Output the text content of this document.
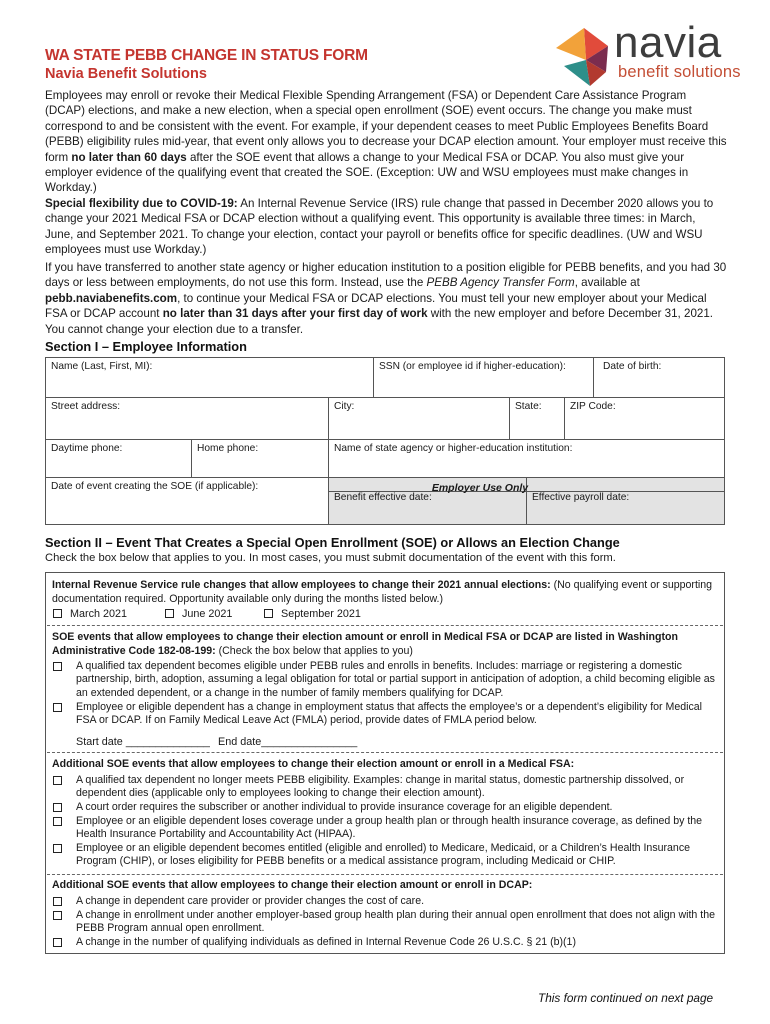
WA STATE PEBB CHANGE IN STATUS FORM
Navia Benefit Solutions
navia
benefit solutions

Employees may enroll or revoke their Medical Flexible Spending Arrangement (FSA) or Dependent Care Assistance Program (DCAP) elections, and make a new election, when a special open enrollment (SOE) event occurs. The change you make must correspond to and be consistent with the event. For example, if your dependent ceases to meet Public Employees Benefits Board (PEBB) eligibility rules mid-year, that event only allows you to decrease your DCAP election amount. Your employer must receive this form no later than 60 days after the SOE event that allows a change to your Medical FSA or DCAP. You also must give your employer evidence of the qualifying event that created the SOE. (Exception: UW and WSU employees must make changes in Workday.)

Special flexibility due to COVID-19: An Internal Revenue Service (IRS) rule change that passed in December 2020 allows you to change your 2021 Medical FSA or DCAP election without a qualifying event. This opportunity is available three times: in March, June, and September 2021. To change your election, contact your payroll or benefits office for specific deadlines. (UW and WSU employees must use Workday.)

If you have transferred to another state agency or higher education institution to a position eligible for PEBB benefits, and you had 30 days or less between employments, do not use this form. Instead, use the PEBB Agency Transfer Form, available at pebb.naviabenefits.com, to continue your Medical FSA or DCAP elections. You must tell your new employer about your Medical FSA or DCAP account no later than 31 days after your first day of work with the new employer and before December 31, 2021. You cannot change your election due to a transfer.

Section I – Employee Information
Name (Last, First, MI):	SSN (or employee id if higher-education):	Date of birth:
Street address:	City:	State:	ZIP Code:
Daytime phone:	Home phone:	Name of state agency or higher-education institution:
Date of event creating the SOE (if applicable):
Benefit effective date:	Effective payroll date:
Employer Use Only
Section II – Event That Creates a Special Open Enrollment (SOE) or Allows an Election Change
Check the box below that applies to you. In most cases, you must submit documentation of the event with this form.
Internal Revenue Service rule changes that allow employees to change their 2021 annual elections: (No qualifying event or supporting documentation required. Opportunity available only during the months listed below.)
March 2021	June 2021	September 2021
SOE events that allow employees to change their election amount or enroll in Medical FSA or DCAP are listed in Washington Administrative Code 182-08-199: (Check the box below that applies to you)
A qualified tax dependent becomes eligible under PEBB rules and enrolls in benefits. Includes: marriage or registering a domestic partnership, birth, adoption, assuming a legal obligation for total or partial support in anticipation of adoption, a child becoming eligible as an extended dependent, or a change in the number of family members qualifying for DCAP.
Employee or eligible dependent has a change in employment status that affects the employee’s or a dependent’s eligibility for Medical FSA or DCAP. If on Family Medical Leave Act (FMLA) period, provide dates of FMLA period below.
Start date ______________ End date________________
Additional SOE events that allow employees to change their election amount or enroll in a Medical FSA:
A qualified tax dependent no longer meets PEBB eligibility. Examples: change in marital status, domestic partnership dissolved, or dependent dies (applicable only to employees looking to change their election amount).
A court order requires the subscriber or another individual to provide insurance coverage for an eligible dependent.
Employee or an eligible dependent loses coverage under a group health plan or through health insurance coverage, as defined by the Health Insurance Portability and Accountability Act (HIPAA).
Employee or an eligible dependent becomes entitled (eligible and enrolled) to Medicare, Medicaid, or a Children’s Health Insurance Program (CHIP), or loses eligibility for PEBB benefits or a medical assistance program, including Medicaid or CHIP.
Additional SOE events that allow employees to change their election amount or enroll in DCAP:
A change in dependent care provider or provider changes the cost of care.
A change in enrollment under another employer-based group health plan during their annual open enrollment that does not align with the PEBB Program annual open enrollment.
A change in the number of qualifying individuals as defined in Internal Revenue Code 26 U.S.C. § 21 (b)(1)
This form continued on next page
